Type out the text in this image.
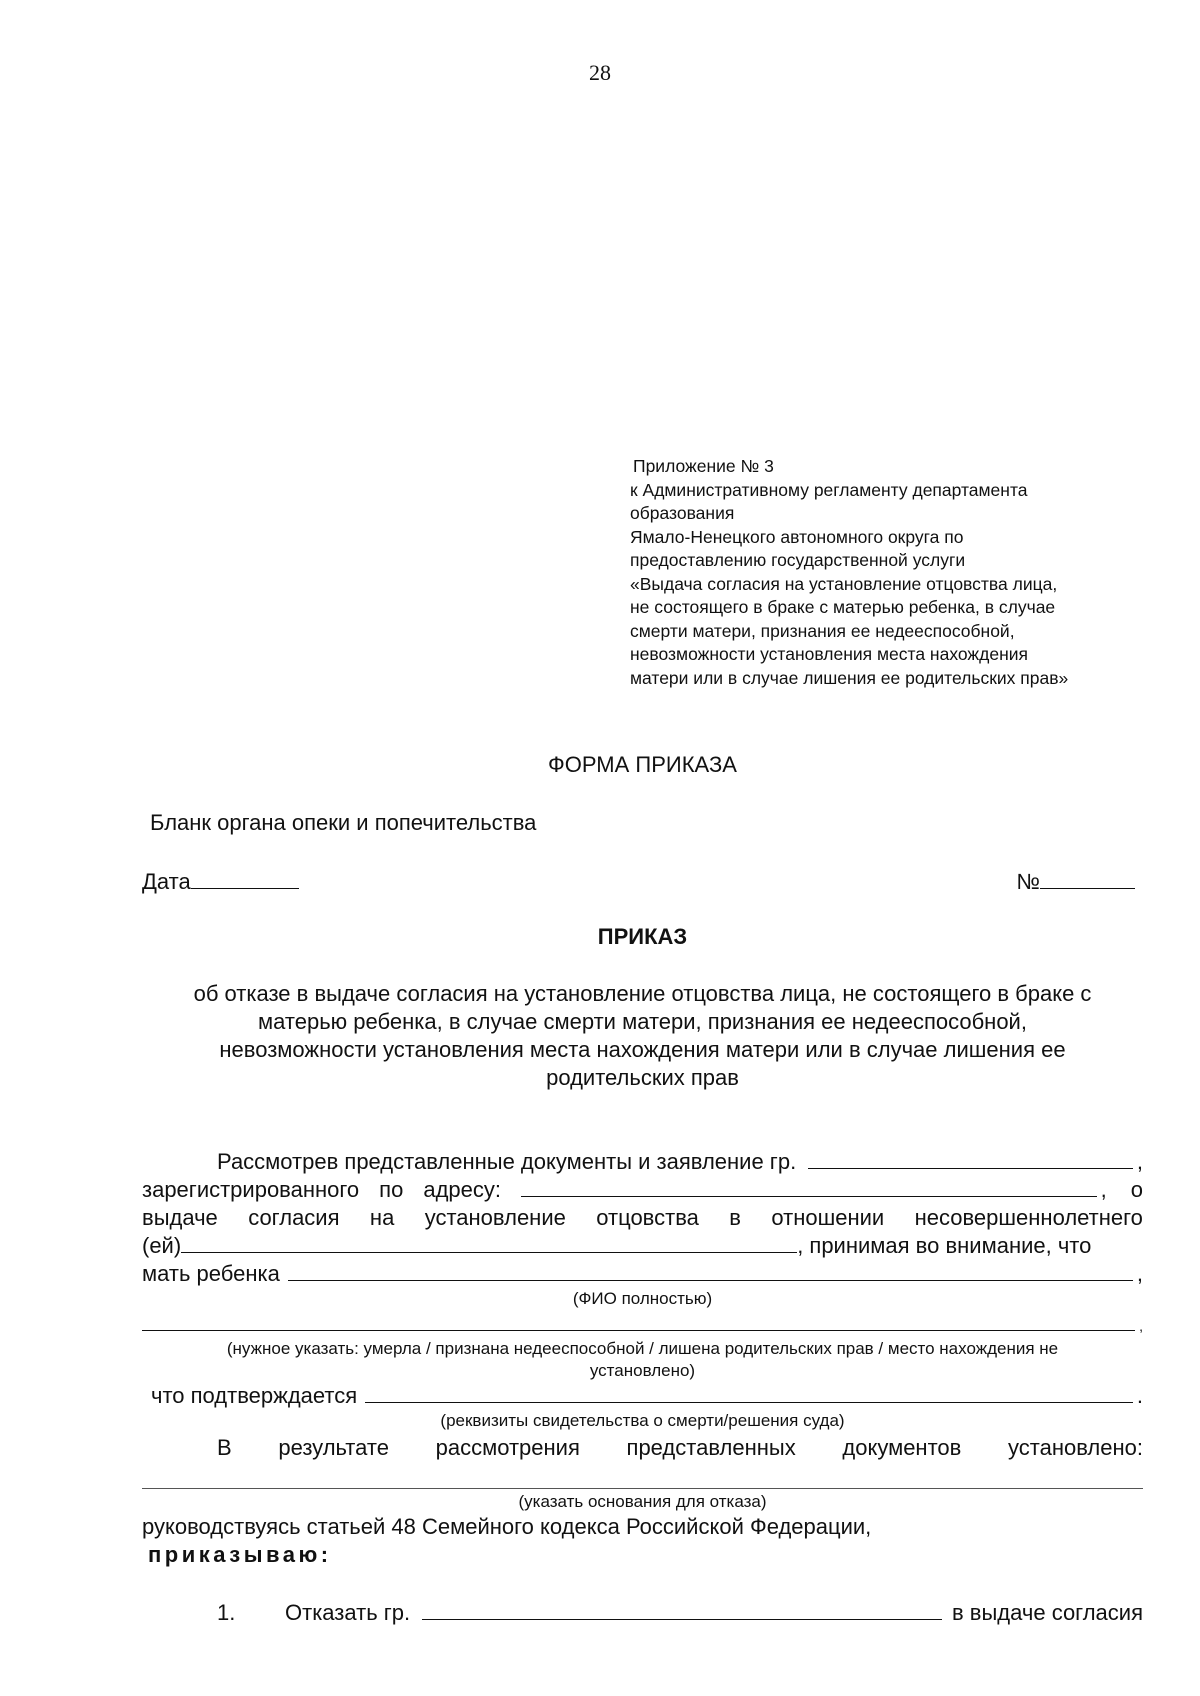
28
Приложение № 3
к Административному регламенту департамента
образования
Ямало-Ненецкого автономного округа по
предоставлению государственной услуги
«Выдача согласия на установление отцовства лица,
не состоящего в браке с матерью ребенка, в случае
смерти матери, признания ее недееспособной,
невозможности установления места нахождения
матери или в случае лишения ее родительских прав»
ФОРМА ПРИКАЗА
Бланк органа опеки и попечительства
Дата	№
ПРИКАЗ
об отказе в выдаче согласия на установление отцовства лица, не состоящего в браке с
матерью ребенка, в случае смерти матери, признания ее недееспособной,
невозможности установления места нахождения матери или в случае лишения ее
родительских прав
Рассмотрев представленные документы и заявление гр.	,
зарегистрированного по адресу:	, о
выдаче согласия на установление отцовства в отношении несовершеннолетнего
(ей)	, принимая во внимание, что
мать ребенка	,
(ФИО полностью)
,
(нужное указать: умерла / признана недееспособной / лишена родительских прав / место нахождения не
установлено)
что подтверждается	.
(реквизиты свидетельства о смерти/решения суда)
В результате рассмотрения представленных документов установлено:
(указать основания для отказа)
руководствуясь статьей 48 Семейного кодекса Российской Федерации,
приказываю:
1.	Отказать гр.	в выдаче согласия
